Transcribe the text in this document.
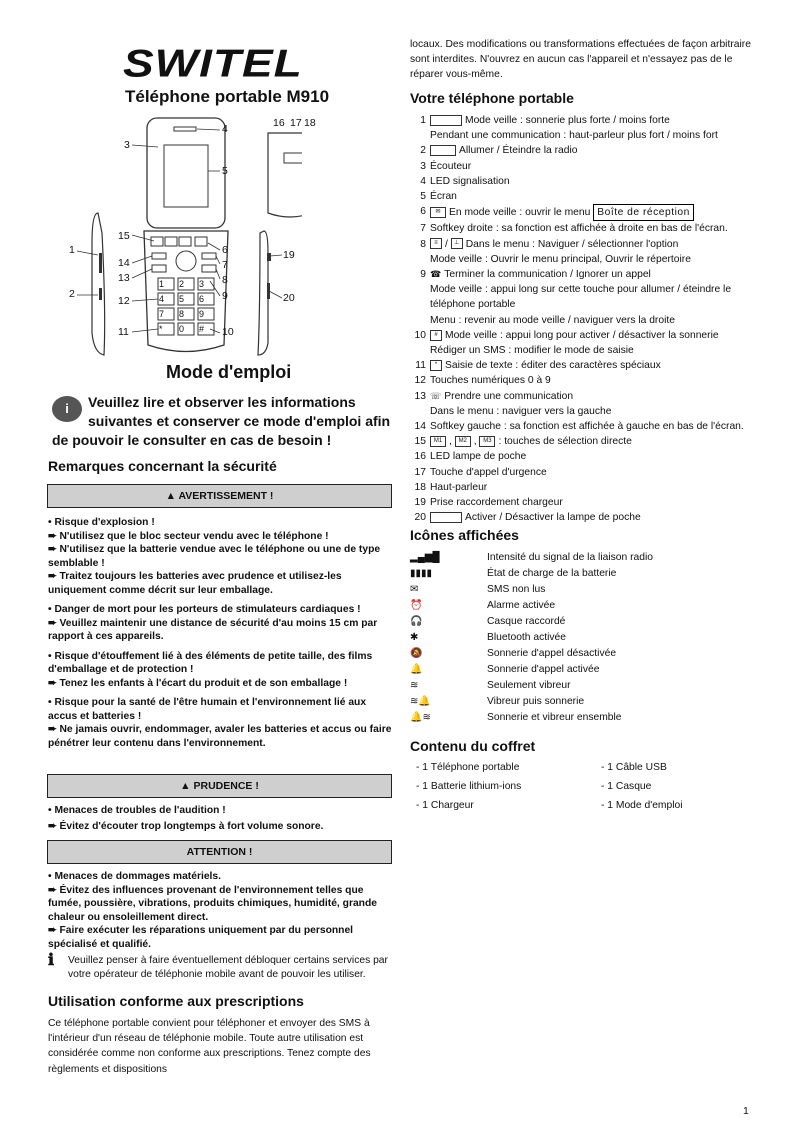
SWITEL
Téléphone portable M910
1
2
3
4
5
6
7
8
9
10
11
12
13
14
15
16 17
19
20
1 2 3
4 5 6
7 8 9
* 0 #
18
Mode d'emploi
i	Veuillez lire et observer les informations suivantes et conserver ce mode d'emploi afin de pouvoir le consulter en cas de besoin !
Remarques concernant la sécurité
▲ AVERTISSEMENT !

• Risque d'explosion !

➨ N'utilisez que le bloc secteur vendu avec le téléphone !

➨ N'utilisez que la batterie vendue avec le téléphone ou une de type semblable !

➨ Traitez toujours les batteries avec prudence et utilisez-les uniquement comme décrit sur leur emballage.

• Danger de mort pour les porteurs de stimulateurs cardiaques !

➨ Veuillez maintenir une distance de sécurité d'au moins 15 cm par rapport à ces appareils.

• Risque d'étouffement lié à des éléments de petite taille, des films d'emballage et de protection !

➨ Tenez les enfants à l'écart du produit et de son emballage !

• Risque pour la santé de l'être humain et l'environnement lié aux accus et batteries !

➨ Ne jamais ouvrir, endommager, avaler les batteries et accus ou faire pénétrer leur contenu dans l'environnement.

▲ PRUDENCE !

• Menaces de troubles de l'audition !

➨ Évitez d'écouter trop longtemps à fort volume sonore.

ATTENTION !

• Menaces de dommages matériels.

➨ Évitez des influences provenant de l'environnement telles que fumée, poussière, vibrations, produits chimiques, humidité, grande chaleur ou ensoleillement direct.

➨ Faire exécuter les réparations uniquement par du personnel spécialisé et qualifié.

ℹ	Veuillez penser à faire éventuellement débloquer certains services par votre opérateur de téléphonie mobile avant de pouvoir les utiliser.
Utilisation conforme aux prescriptions
Ce téléphone portable convient pour téléphoner et envoyer des SMS à l'intérieur d'un réseau de téléphonie mobile. Toute autre utilisation est considérée comme non conforme aux prescriptions. Tenez compte des règlements et dispositions
locaux. Des modifications ou transformations effectuées de façon arbitraire sont interdites. N'ouvrez en aucun cas l'appareil et n'essayez pas de le réparer vous-même.
Votre téléphone portable
1	Mode veille : sonnerie plus forte / moins forte
Pendant une communication : haut-parleur plus fort / moins fort
2	Allumer / Éteindre la radio
3 Écouteur
4 LED signalisation
5 Écran
6	✉ En mode veille : ouvrir le menu Boîte de réception
7 Softkey droite : sa fonction est affichée à droite en bas de l'écran.
8	≡ / ⊥ Dans le menu : Naviguer / sélectionner l'option
Mode veille : Ouvrir le menu principal, Ouvrir le répertoire
9 ☎ Terminer la communication / Ignorer un appel
Mode veille : appui long sur cette touche pour allumer / éteindre le téléphone portable
Menu : revenir au mode veille / naviguer vers la droite
10	# Mode veille : appui long pour activer / désactiver la sonnerie
Rédiger un SMS : modifier le mode de saisie
11	* Saisie de texte : éditer des caractères spéciaux
12 Touches numériques 0 à 9
13 ☏ Prendre une communication
Dans le menu : naviguer vers la gauche
14 Softkey gauche : sa fonction est affichée à gauche en bas de l'écran.
15	M1 , M2 , M3 : touches de sélection directe
16 LED lampe de poche
17 Touche d'appel d'urgence
18 Haut-parleur
19 Prise raccordement chargeur
20	Activer / Désactiver la lampe de poche
Icônes affichées
▂▄▆█	Intensité du signal de la liaison radio
▮▮▮▮	État de charge de la batterie
✉	SMS non lus
⏰	Alarme activée
🎧	Casque raccordé
✱	Bluetooth activée
🔕	Sonnerie d'appel désactivée
🔔	Sonnerie d'appel activée
≋	Seulement vibreur
≋🔔	Vibreur puis sonnerie
🔔≋	Sonnerie et vibreur ensemble
Contenu du coffret
- 1 Téléphone portable	- 1 Câble USB
- 1 Batterie lithium-ions	- 1 Casque
- 1 Chargeur	- 1 Mode d'emploi
1
